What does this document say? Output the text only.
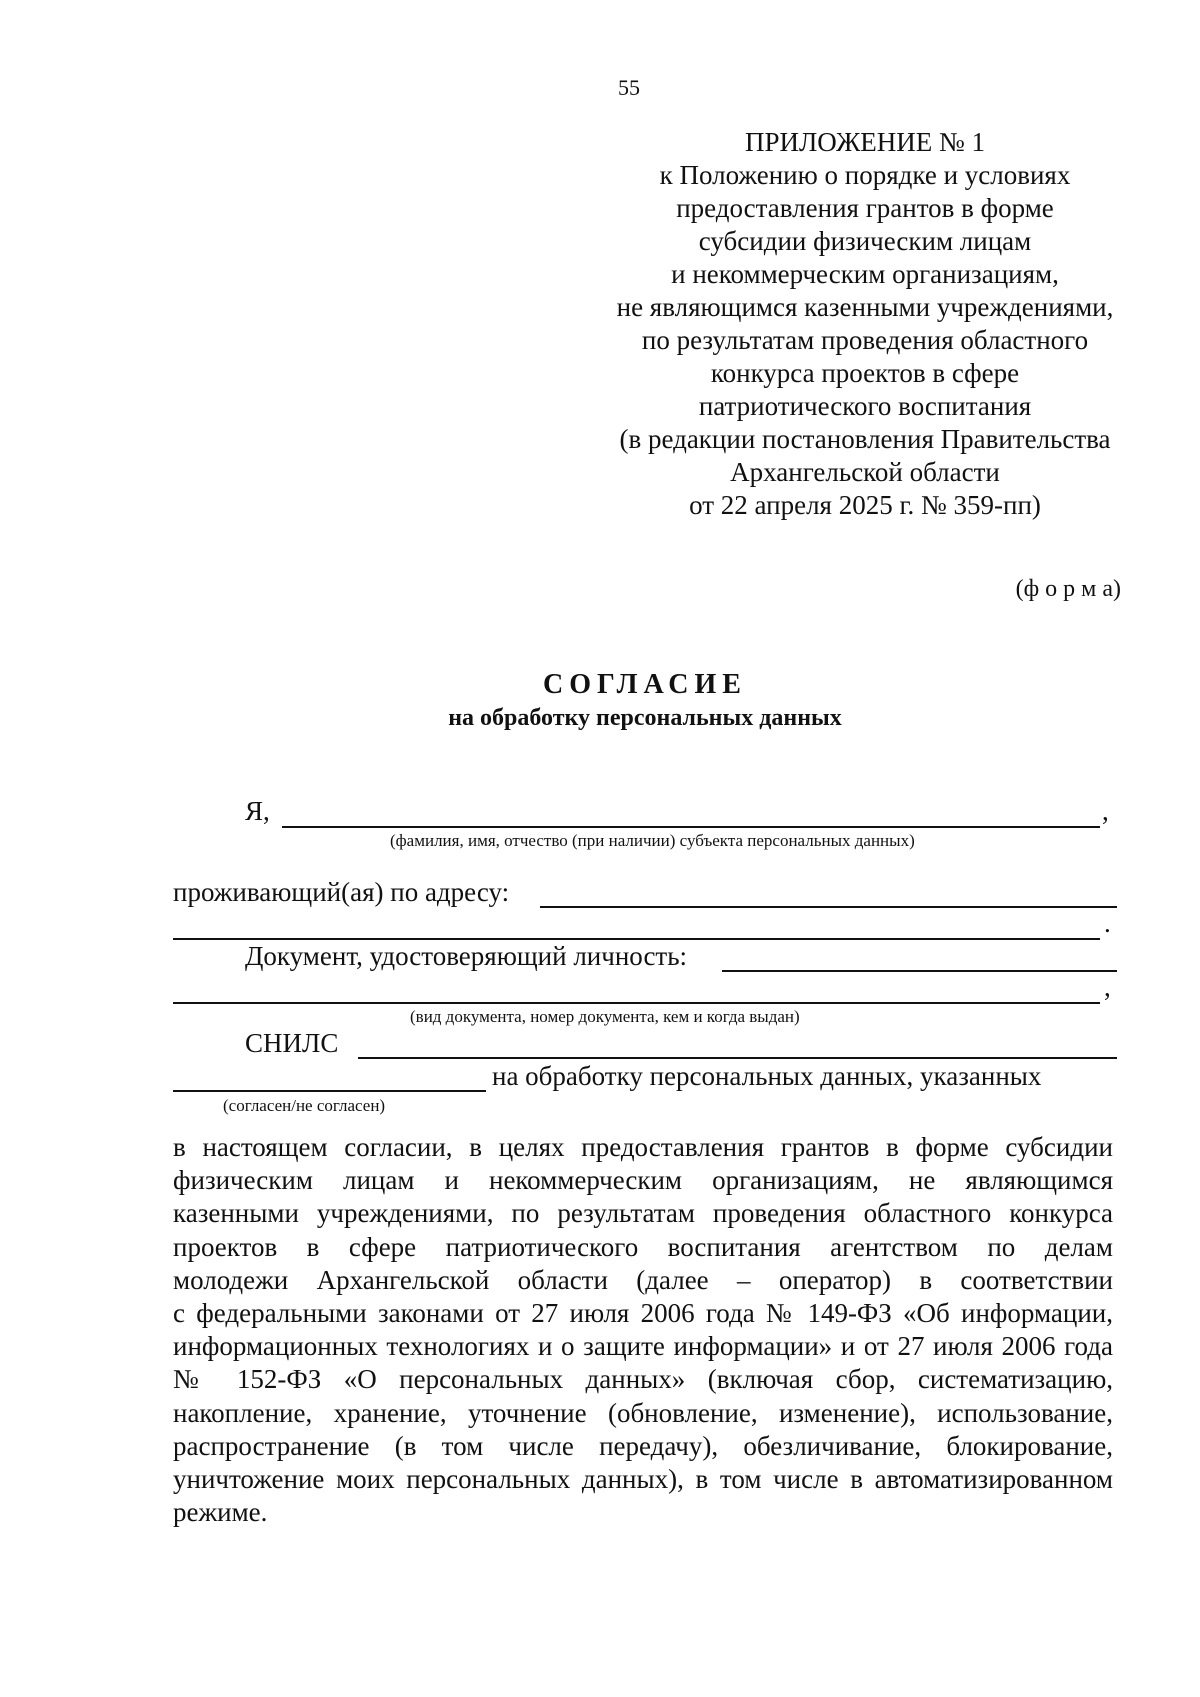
55
ПРИЛОЖЕНИЕ № 1
к Положению о порядке и условиях
предоставления грантов в форме
субсидии физическим лицам
и некоммерческим организациям,
не являющимся казенными учреждениями,
по результатам проведения областного
конкурса проектов в сфере
патриотического воспитания
(в редакции постановления Правительства
Архангельской области
от 22 апреля 2025 г. № 359-пп)
(ф о р м а)
СОГЛАСИЕ
на обработку персональных данных
Я,	,
(фамилия, имя, отчество (при наличии) субъекта персональных данных)
проживающий(ая) по адресу:
.
Документ, удостоверяющий личность:
,
(вид документа, номер документа, кем и когда выдан)
СНИЛС
на обработку персональных данных, указанных
(согласен/не согласен)
в настоящем согласии, в целях предоставления грантов в форме субсидии
физическим лицам и некоммерческим организациям, не являющимся
казенными учреждениями, по результатам проведения областного конкурса
проектов в сфере патриотического воспитания агентством по делам
молодежи Архангельской области (далее – оператор) в соответствии
с федеральными законами от 27 июля 2006 года № 149-ФЗ «Об информации,
информационных технологиях и о защите информации» и от 27 июля 2006 года
№ 152-ФЗ «О персональных данных» (включая сбор, систематизацию,
накопление, хранение, уточнение (обновление, изменение), использование,
распространение (в том числе передачу), обезличивание, блокирование,
уничтожение моих персональных данных), в том числе в автоматизированном
режиме.
